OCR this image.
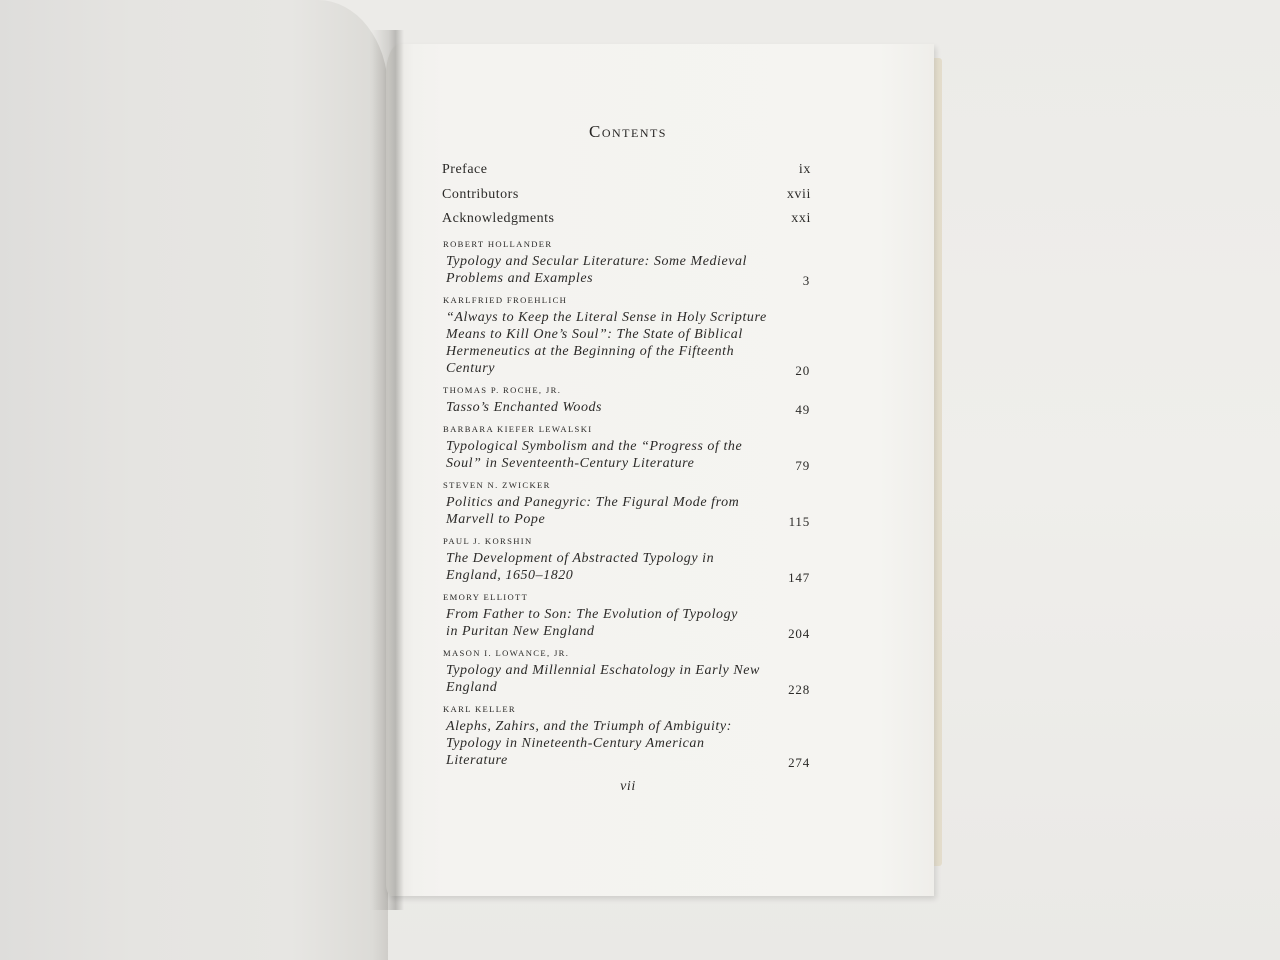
Contents
Preface	ix
Contributors	xvii
Acknowledgments	xxi
ROBERT HOLLANDER
Typology and Secular Literature: Some Medieval
Problems and Examples	3
KARLFRIED FROEHLICH
“Always to Keep the Literal Sense in Holy Scripture
Means to Kill One’s Soul”: The State of Biblical
Hermeneutics at the Beginning of the Fifteenth
Century	20
THOMAS P. ROCHE, JR.
Tasso’s Enchanted Woods	49
BARBARA KIEFER LEWALSKI
Typological Symbolism and the “Progress of the
Soul” in Seventeenth-Century Literature	79
STEVEN N. ZWICKER
Politics and Panegyric: The Figural Mode from
Marvell to Pope	115
PAUL J. KORSHIN
The Development of Abstracted Typology in
England, 1650–1820	147
EMORY ELLIOTT
From Father to Son: The Evolution of Typology
in Puritan New England	204
MASON I. LOWANCE, JR.
Typology and Millennial Eschatology in Early New
England	228
KARL KELLER
Alephs, Zahirs, and the Triumph of Ambiguity:
Typology in Nineteenth-Century American
Literature	274
vii
